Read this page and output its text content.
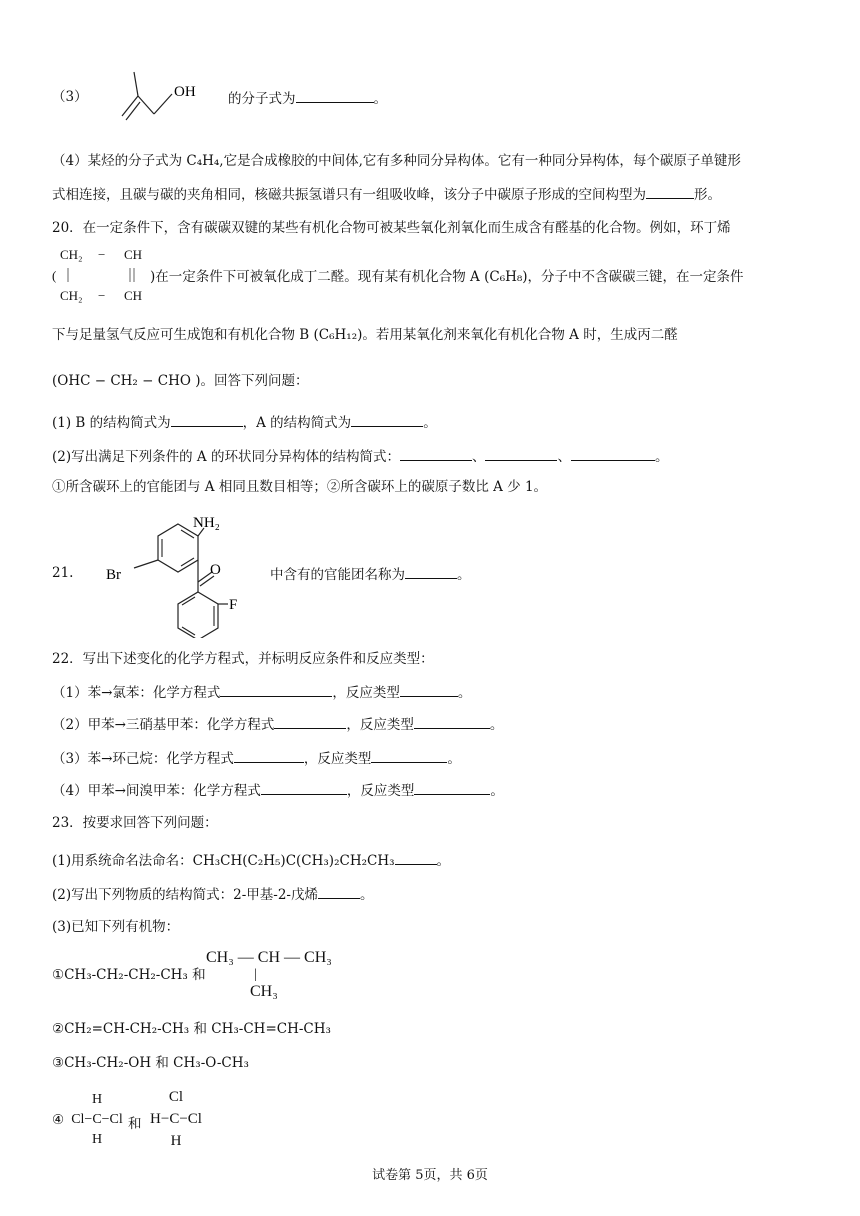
（3）	OH 的分子式为	。
（4）某烃的分子式为 C₄H₄,它是合成橡胶的中间体,它有多种同分异构体。它有一种同分异构体，每个碳原子单键形
式相连接，且碳与碳的夹角相同，核磁共振氢谱只有一组吸收峰，该分子中碳原子形成的空间构型为	形。
20．在一定条件下，含有碳碳双键的某些有机化合物可被某些氧化剂氧化而生成含有醛基的化合物。例如，环丁烯
CH₂ − CH
(
CH₂ − CH
)在一定条件下可被氧化成丁二醛。现有某有机化合物 A (C₆H₈)，分子中不含碳碳三键，在一定条件
下与足量氢气反应可生成饱和有机化合物 B (C₆H₁₂)。若用某氧化剂来氧化有机化合物 A 时，生成丙二醛
(OHC − CH₂ − CHO )。回答下列问题：
(1) B 的结构简式为	，A 的结构简式为	。
(2)写出满足下列条件的 A 的环状同分异构体的结构简式：	、	、	。
①所含碳环上的官能团与 A 相同且数目相等；②所含碳环上的碳原子数比 A 少 1。
21.
NH₂
Br	O
F
中含有的官能团名称为	。
22．写出下述变化的化学方程式，并标明反应条件和反应类型：
（1）苯→氯苯：化学方程式	，反应类型	。
（2）甲苯→三硝基甲苯：化学方程式	，反应类型	。
（3）苯→环己烷：化学方程式	，反应类型	。
（4）甲苯→间溴甲苯：化学方程式	，反应类型	。
23．按要求回答下列问题：
(1)用系统命名法命名：CH₃CH(C₂H₅)C(CH₃)₂CH₂CH₃	。
(2)写出下列物质的结构简式：2-甲基-2-戊烯	。
(3)已知下列有机物：
①CH₃-CH₂-CH₂-CH₃ 和
CH₃ — CH — CH₃
|
CH₃
②CH₂=CH-CH₂-CH₃ 和 CH₃-CH=CH-CH₃
③CH₃-CH₂-OH 和 CH₃-O-CH₃
④
H
Cl−C−Cl
H
和
Cl
H−C−Cl
H
试卷第 5页，共 6页
